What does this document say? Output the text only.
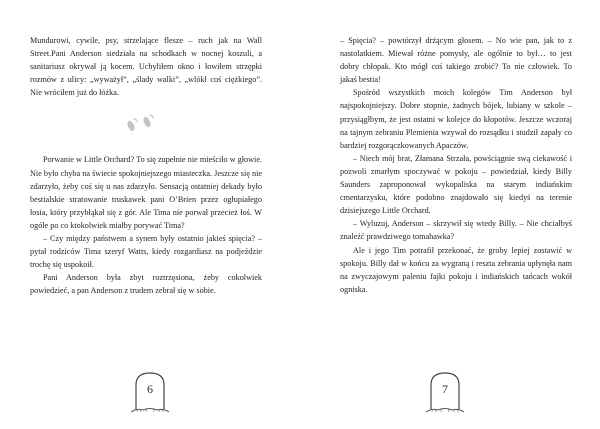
Mundurowi, cywile, psy, strzelające flesze – ruch jak na Wall Street.Pani Anderson siedziała na schodkach w nocnej koszuli, a sanitariusz okrywał ją kocem. Uchyliłem okno i łowiłem strzępki rozmów z ulicy: „wyważył”, „ślady walki”, „wlókł coś ciężkiego”. Nie wróciłem już do łóżka.

Porwanie w Little Orchard? To się zupełnie nie mieściło w głowie. Nie było chyba na świecie spokojniejszego miasteczka. Jeszcze się nie zdarzyło, żeby coś się u nas zdarzyło. Sensacją ostatniej dekady było bestialskie stratowanie truskawek pani O’Brien przez ogłupiałego łosia, który przybłąkał się z gór. Ale Tima nie porwał przecież łoś. W ogóle po co ktokolwiek miałby porywać Tima?

– Czy między państwem a synem były ostatnio jakieś spięcia? – pytał rodziców Tima szeryf Watts, kiedy rozgardiasz na podjeździe trochę się uspokoił.

Pani Anderson była zbyt roztrzęsiona, żeby cokolwiek powiedzieć, a pan Anderson z trudem zebrał się w sobie.

6

– Spięcia? – powtórzył drżącym głosem. – No wie pan, jak to z nastolatkiem. Miewał różne pomysły, ale ogólnie to był… to jest dobry chłopak. Kto mógł coś takiego zrobić? To nie człowiek. To jakaś bestia!

Spośród wszystkich moich kolegów Tim Anderson był najspokojniejszy. Dobre stopnie, żadnych bójek, lubiany w szkole – przysiągłbym, że jest ostatni w kolejce do kłopotów. Jeszcze wczoraj na tajnym zebraniu Plemienia wzywał do rozsądku i studził zapały co bardziej rozgorączkowanych Apaczów.

– Niech mój brat, Złamana Strzała, powściągnie swą ciekawość i pozwoli zmarłym spoczywać w pokoju – powiedział, kiedy Billy Saunders zaproponował wykopaliska na starym indiańskim cmentarzysku, które podobno znajdowało się kiedyś na terenie dzisiejszego Little Orchard.

– Wyluzuj, Anderson – skrzywił się wtedy Billy. – Nie chciałbyś znaleźć prawdziwego tomahawka?

Ale i jego Tim potrafił przekonać, że groby lepiej zostawić w spokoju. Billy dał w końcu za wygraną i reszta zebrania upłynęła nam na zwyczajowym paleniu fajki pokoju i indiańskich tańcach wokół ogniska.

7
